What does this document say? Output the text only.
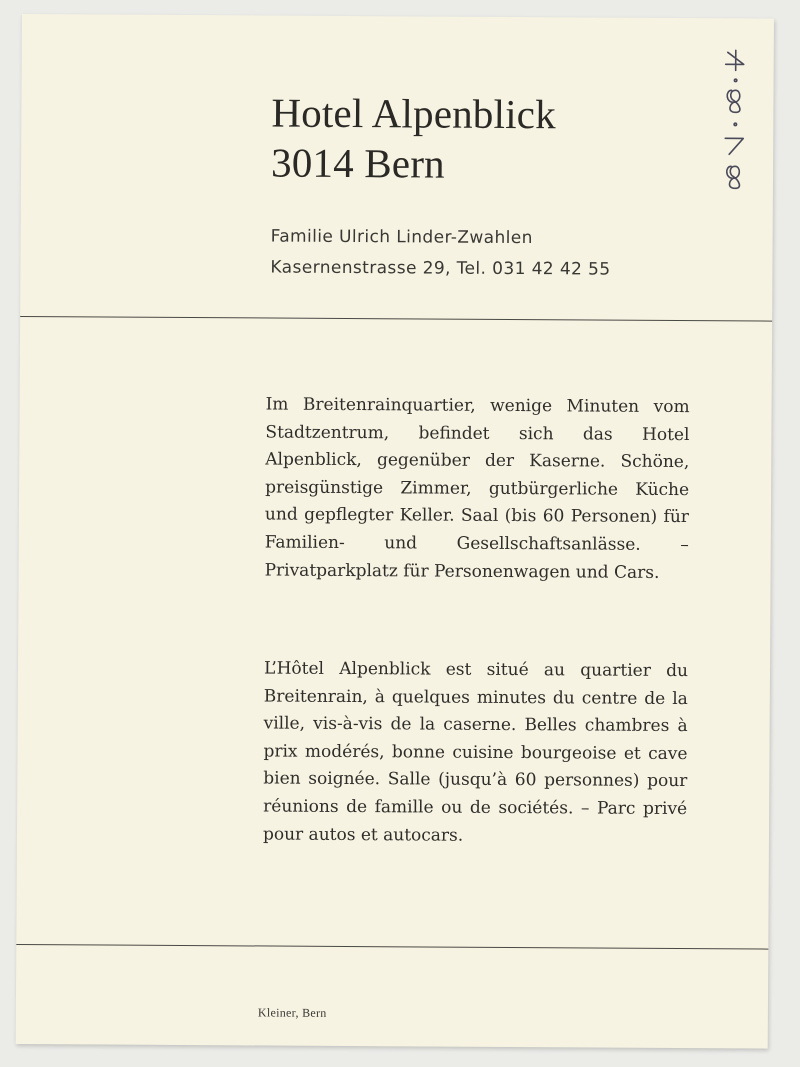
Hotel Alpenblick
3014 Bern
Familie Ulrich Linder-Zwahlen
Kasernenstrasse 29, Tel. 031 42 42 55

Im Breitenrainquartier, wenige Minuten vom Stadtzentrum, befindet sich das Hotel Alpenblick, gegenüber der Kaserne. Schöne, preisgünstige Zimmer, gutbürgerliche Küche und gepflegter Keller. Saal (bis 60 Personen) für Familien- und Gesellschaftsanlässe. – Privatparkplatz für Personenwagen und Cars.

L’Hôtel Alpenblick est situé au quartier du Breitenrain, à quelques minutes du centre de la ville, vis-à-vis de la caserne. Belles chambres à prix modérés, bonne cuisine bourgeoise et cave bien soignée. Salle (jusqu’à 60 personnes) pour réunions de famille ou de sociétés. – Parc privé pour autos et autocars.

Kleiner, Bern
